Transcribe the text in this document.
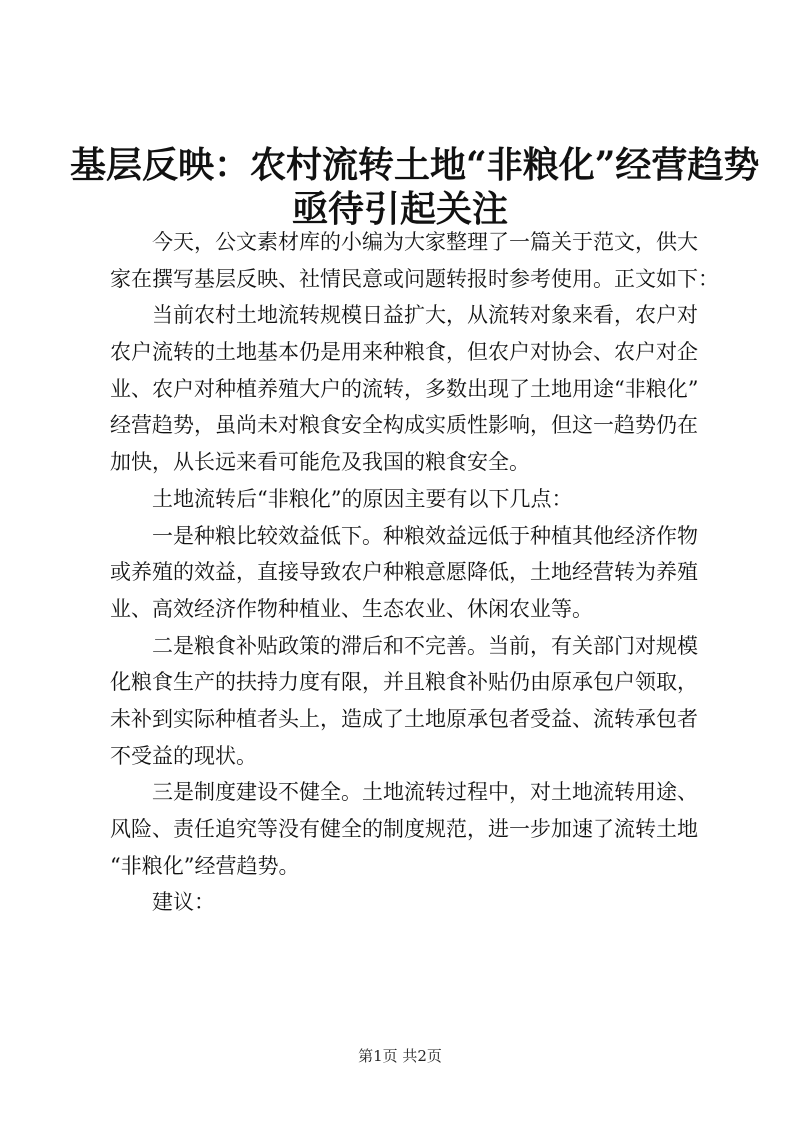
基层反映：农村流转土地“非粮化”经营趋势
亟待引起关注
今天，公文素材库的小编为大家整理了一篇关于范文，供大
家在撰写基层反映、社情民意或问题转报时参考使用。正文如下：
当前农村土地流转规模日益扩大，从流转对象来看，农户对
农户流转的土地基本仍是用来种粮食，但农户对协会、农户对企
业、农户对种植养殖大户的流转，多数出现了土地用途“非粮化”
经营趋势，虽尚未对粮食安全构成实质性影响，但这一趋势仍在
加快，从长远来看可能危及我国的粮食安全。
土地流转后“非粮化”的原因主要有以下几点：
一是种粮比较效益低下。种粮效益远低于种植其他经济作物
或养殖的效益，直接导致农户种粮意愿降低，土地经营转为养殖
业、高效经济作物种植业、生态农业、休闲农业等。
二是粮食补贴政策的滞后和不完善。当前，有关部门对规模
化粮食生产的扶持力度有限，并且粮食补贴仍由原承包户领取，
未补到实际种植者头上，造成了土地原承包者受益、流转承包者
不受益的现状。
三是制度建设不健全。土地流转过程中，对土地流转用途、
风险、责任追究等没有健全的制度规范，进一步加速了流转土地
“非粮化”经营趋势。
建议：
第1页 共2页
